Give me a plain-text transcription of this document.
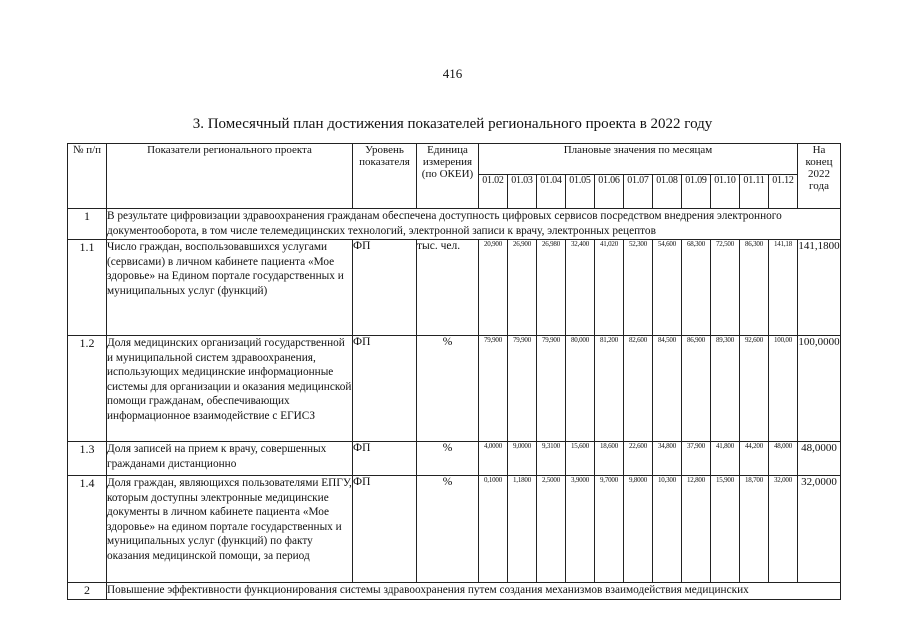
416
3. Помесячный план достижения показателей регионального проекта в 2022 году
№ п/п	Показатели регионального проекта	Уровень показателя	Единица измерения (по ОКЕИ)	Плановые значения по месяцам											На конец 2022 года
				01.02	01.03	01.04	01.05	01.06	01.07	01.08	01.09	01.10	01.11	01.12	
1	В результате цифровизации здравоохранения гражданам обеспечена доступность цифровых сервисов посредством внедрения электронного документооборота, в том числе телемедицинских технологий, электронной записи к врачу, электронных рецептов														
1.1	Число граждан, воспользовавшихся услугами (сервисами) в личном кабинете пациента «Мое здоровье» на Едином портале государственных и муниципальных услуг (функций)	ФП	тыс. чел.	20,900	26,900	26,980	32,400	41,020	52,300	54,600	68,300	72,500	86,300	141,18	141,1800
1.2	Доля медицинских организаций государственной и муниципальной систем здравоохранения, использующих медицинские информационные системы для организации и оказания медицинской помощи гражданам, обеспечивающих информационное взаимодействие с ЕГИСЗ	ФП	%	79,900	79,900	79,900	80,000	81,200	82,600	84,500	86,900	89,300	92,600	100,00	100,0000
1.3	Доля записей на прием к врачу, совершенных гражданами дистанционно	ФП	%	4,0000	9,0000	9,3100	15,600	18,600	22,600	34,800	37,900	41,800	44,200	48,000	48,0000
1.4	Доля граждан, являющихся пользователями ЕПГУ, которым доступны электронные медицинские документы в личном кабинете пациента «Мое здоровье» на едином портале государственных и муниципальных услуг (функций) по факту оказания медицинской помощи, за период	ФП	%	0,1000	1,1800	2,5000	3,9000	9,7000	9,8000	10,300	12,800	15,900	18,700	32,000	32,0000
2	Повышение эффективности функционирования системы здравоохранения путем создания механизмов взаимодействия медицинских														
